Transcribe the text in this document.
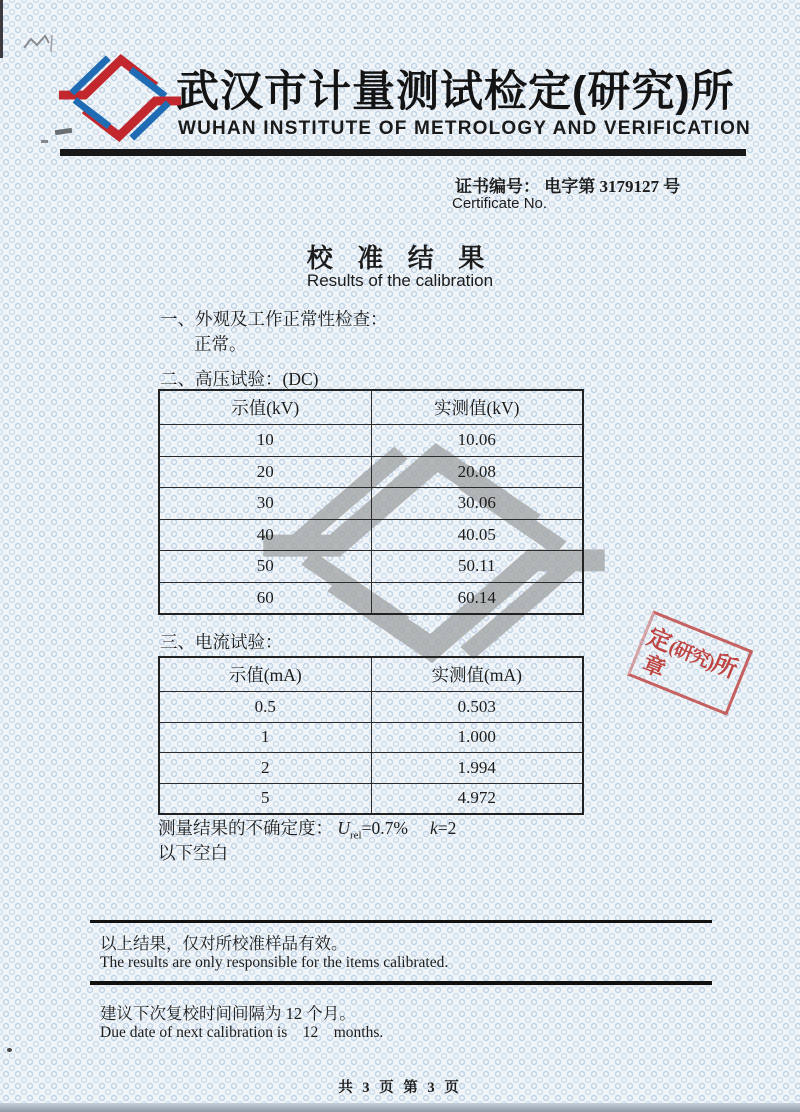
武汉市计量测试检定(研究)所
WUHAN INSTITUTE OF METROLOGY AND VERIFICATION
证书编号： 电字第 3179127 号
Certificate No.
校 准 结 果
Results of the calibration
一、外观及工作正常性检查：
正常。
二、高压试验：(DC)
示值(kV)	实测值(kV)
10	10.06
20	20.08
30	30.06
40	40.05
50	50.11
60	60.14
三、电流试验：
示值(mA)	实测值(mA)
0.5	0.503
1	1.000
2	1.994
5	4.972
测量结果的不确定度： $U_{rel}=0.7\%$ k=2
以下空白
定(研究)所
章
以上结果，仅对所校准样品有效。
The results are only responsible for the items calibrated.
建议下次复校时间间隔为 12 个月。
Due date of next calibration is    12    months.
共 3 页 第 3 页
